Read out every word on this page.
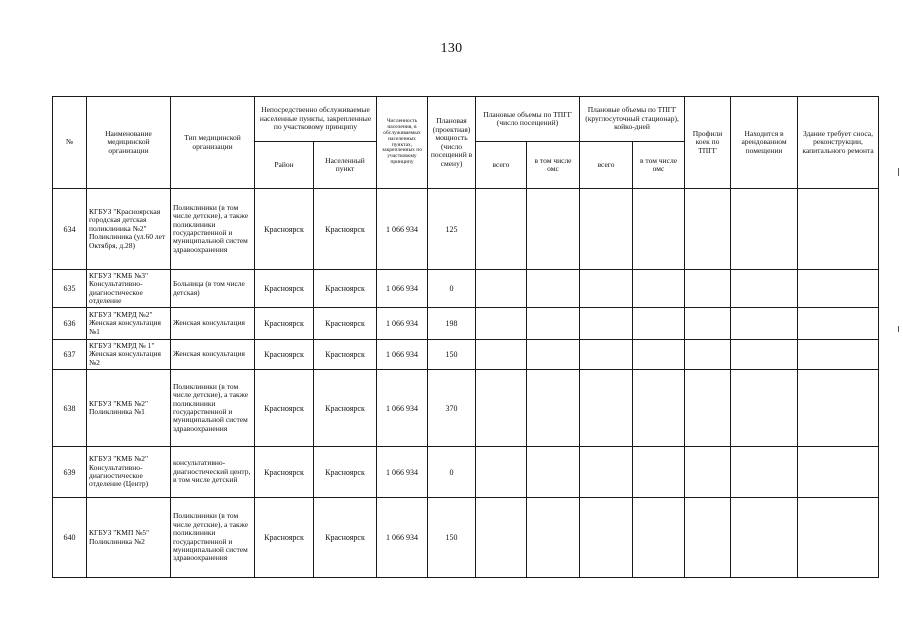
130
№	Наименование медицинской организации	Тип медицинской организации	Непосредственно обслуживаемые населенные пункты, закрепленные по участковому принципу		Численность населения, в обслуживаемых населенных пунктах, закрепленных по участковому принципу	Плановая (проектная) мощность (число посещений в смену)	Плановые объемы по ТПГГ (число посещений)		Плановые объемы по ТПГГ (круглосуточный стационар), койко-дней		Профили коек по ТПГГ	Находится в арендованном помещении	Здание требует сноса, реконструкции, капитального ремонта
			Район	Населенный пункт			всего	в том числе омс	всего	в том числе омс			
634	КГБУЗ "Красноярская городская детская поликлиника №2" Поликлиника (ул.60 лет Октября, д.28)	Поликлиники (в том числе детские), а также поликлиники государственной и муниципальной систем здравоохранения	Красноярск	Красноярск	1 066 934	125							
635	КГБУЗ "КМБ №3" Консультативно-диагностическое отделение	Больница (в том числе детская)	Красноярск	Красноярск	1 066 934	0							
636	КГБУЗ "КМРД №2" Женская консультация №1	Женская консультация	Красноярск	Красноярск	1 066 934	198							
637	КГБУЗ "КМРД № 1" Женская консультация №2	Женская консультация	Красноярск	Красноярск	1 066 934	150							
638	КГБУЗ "КМБ №2" Поликлиника №1	Поликлиники (в том числе детские), а также поликлиники государственной и муниципальной систем здравоохранения	Красноярск	Красноярск	1 066 934	370							
639	КГБУЗ "КМБ №2" Консультативно-диагностическое отделение (Центр)	консультативно-диагностический центр, в том числе детский	Красноярск	Красноярск	1 066 934	0							
640	КГБУЗ "КМП №5" Поликлиника №2	Поликлиники (в том числе детские), а также поликлиники государственной и муниципальной систем здравоохранения	Красноярск	Красноярск	1 066 934	150							
